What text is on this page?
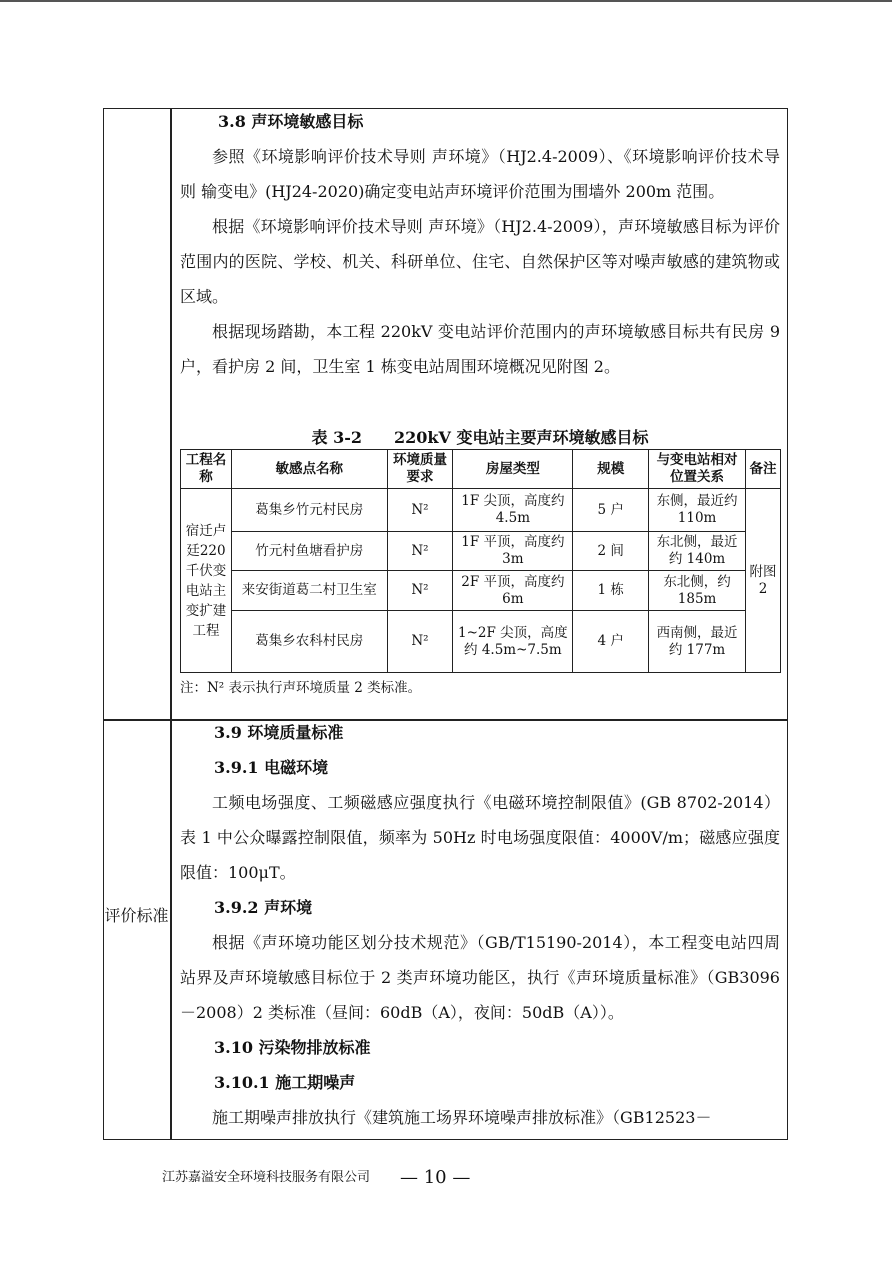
评价标准

3.8 声环境敏感目标

参照《环境影响评价技术导则 声环境》（HJ2.4-2009）、《环境影响评价技术导则 输变电》(HJ24-2020)确定变电站声环境评价范围为围墙外 200m 范围。

根据《环境影响评价技术导则 声环境》（HJ2.4-2009），声环境敏感目标为评价范围内的医院、学校、机关、科研单位、住宅、自然保护区等对噪声敏感的建筑物或区域。

根据现场踏勘，本工程 220kV 变电站评价范围内的声环境敏感目标共有民房 9 户，看护房 2 间，卫生室 1 栋变电站周围环境概况见附图 2。

表 3-2　　220kV 变电站主要声环境敏感目标
工程名称	敏感点名称	环境质量要求	房屋类型	规模	与变电站相对位置关系	备注
宿迁卢廷220千伏变电站主变扩建工程	葛集乡竹元村民房	N²	1F 尖顶，高度约 4.5m	5 户	东侧，最近约 110m	附图2
	竹元村鱼塘看护房	N²	1F 平顶，高度约 3m	2 间	东北侧，最近约 140m	
	来安街道葛二村卫生室	N²	2F 平顶，高度约 6m	1 栋	东北侧，约 185m	
	葛集乡农科村民房	N²	1~2F 尖顶，高度约 4.5m~7.5m	4 户	西南侧，最近约 177m	
注：N² 表示执行声环境质量 2 类标准。

3.9 环境质量标准

3.9.1 电磁环境

工频电场强度、工频磁感应强度执行《电磁环境控制限值》(GB 8702-2014）表 1 中公众曝露控制限值，频率为 50Hz 时电场强度限值：4000V/m；磁感应强度限值：100μT。

3.9.2 声环境

根据《声环境功能区划分技术规范》（GB/T15190-2014），本工程变电站四周站界及声环境敏感目标位于 2 类声环境功能区，执行《声环境质量标准》（GB3096－2008）2 类标准（昼间：60dB（A），夜间：50dB（A））。

3.10 污染物排放标准

3.10.1 施工期噪声

施工期噪声排放执行《建筑施工场界环境噪声排放标准》（GB12523－

江苏嘉溢安全环境科技服务有限公司 — 10 —
